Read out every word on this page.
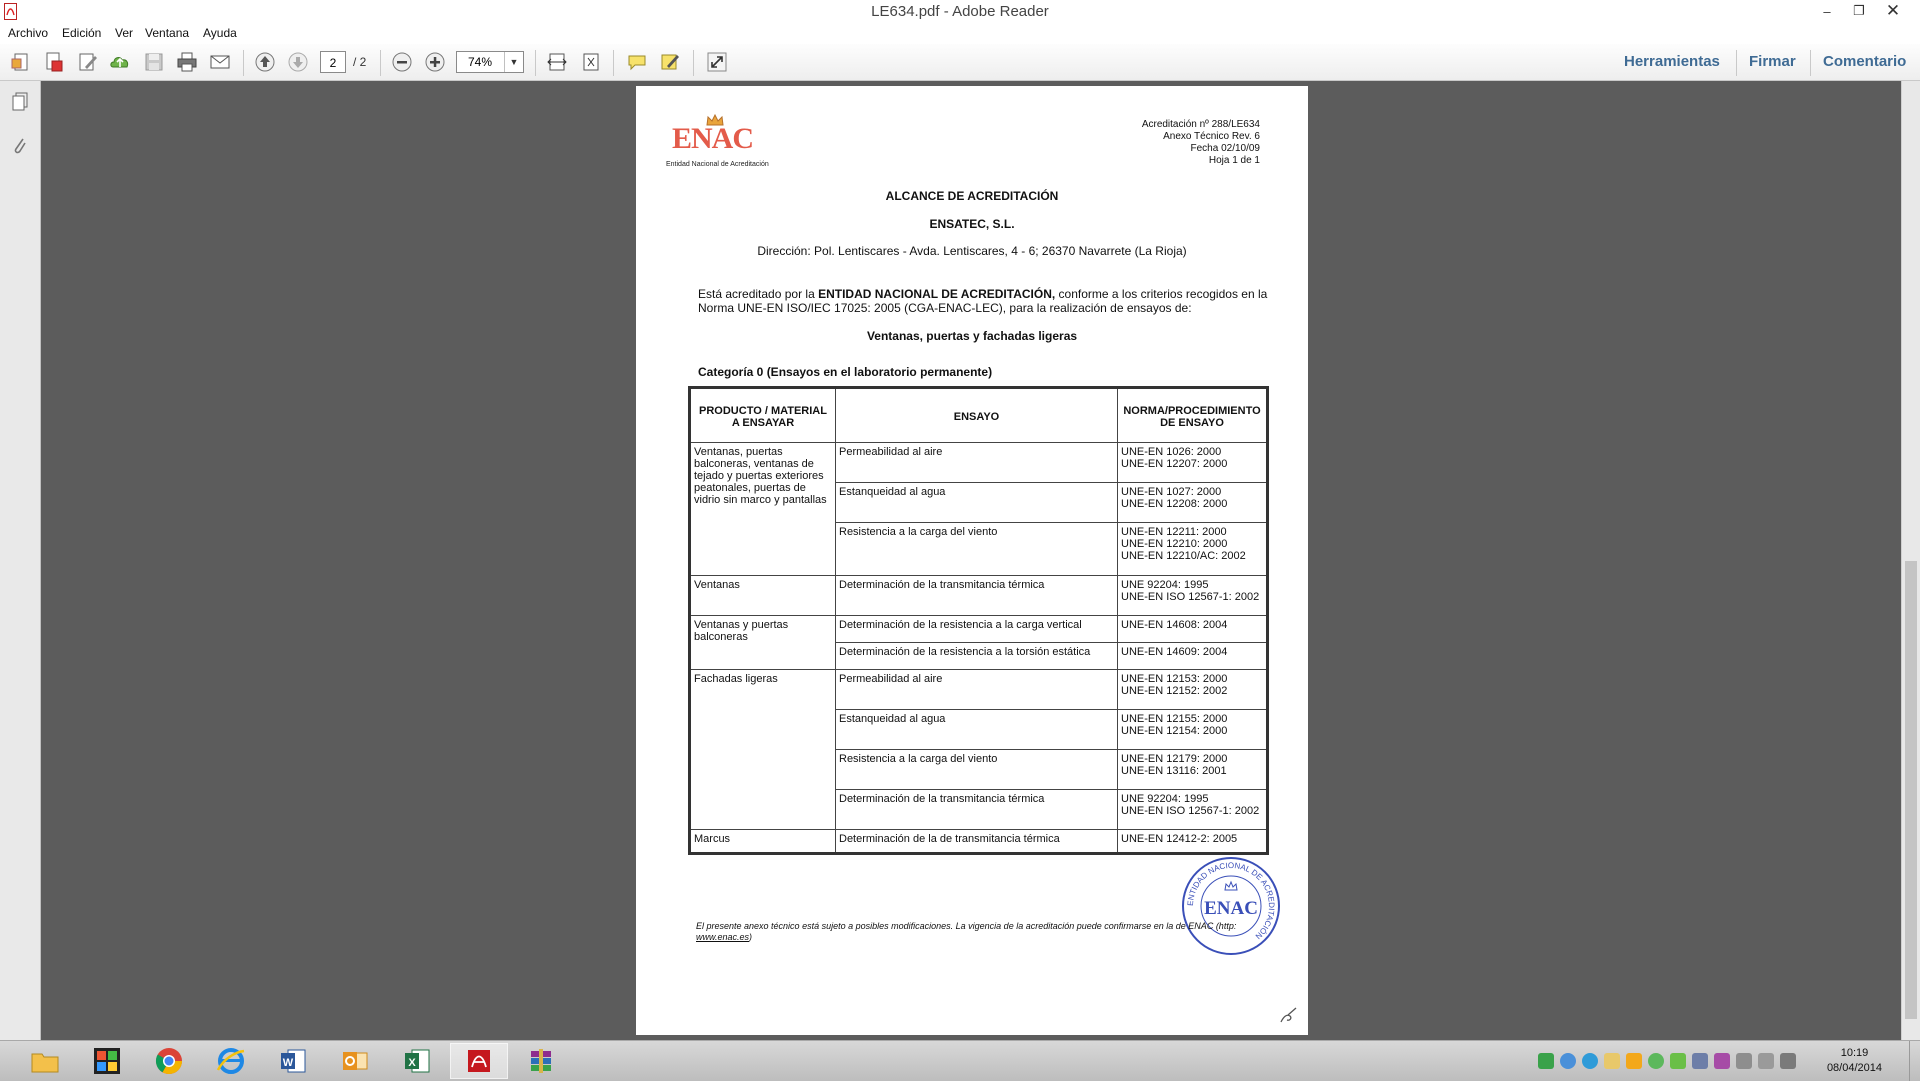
LE634.pdf - Adobe Reader	– ❐ ✕
Archivo Edición Ver Ventana Ayuda
2	/ 2	74%	▼	Herramientas Firmar Comentario
ENAC
Entidad Nacional de Acreditación
Acreditación nº 288/LE634
Anexo Técnico Rev. 6
Fecha 02/10/09
Hoja 1 de 1
ALCANCE DE ACREDITACIÓN
ENSATEC, S.L.
Dirección: Pol. Lentiscares - Avda. Lentiscares, 4 - 6; 26370 Navarrete (La Rioja)
Está acreditado por la ENTIDAD NACIONAL DE ACREDITACIÓN, conforme a los criterios recogidos en la Norma UNE-EN ISO/IEC 17025: 2005 (CGA-ENAC-LEC), para la realización de ensayos de:
Ventanas, puertas y fachadas ligeras
Categoría 0 (Ensayos en el laboratorio permanente)
PRODUCTO / MATERIAL A ENSAYAR	ENSAYO	NORMA/PROCEDIMIENTO DE ENSAYO
Ventanas, puertas balconeras, ventanas de tejado y puertas exteriores peatonales, puertas de vidrio sin marco y pantallas	Permeabilidad al aire	UNE-EN 1026: 2000
UNE-EN 12207: 2000

	Estanqueidad al agua	UNE-EN 1027: 2000
UNE-EN 12208: 2000

	Resistencia a la carga del viento	UNE-EN 12211: 2000
UNE-EN 12210: 2000
UNE-EN 12210/AC: 2002

Ventanas	Determinación de la transmitancia térmica	UNE 92204: 1995
UNE-EN ISO 12567-1: 2002

Ventanas y puertas balconeras	Determinación de la resistencia a la carga vertical	UNE-EN 14608: 2004

	Determinación de la resistencia a la torsión estática	UNE-EN 14609: 2004

Fachadas ligeras	Permeabilidad al aire	UNE-EN 12153: 2000
UNE-EN 12152: 2002

	Estanqueidad al agua	UNE-EN 12155: 2000
UNE-EN 12154: 2000

	Resistencia a la carga del viento	UNE-EN 12179: 2000
UNE-EN 13116: 2001

	Determinación de la transmitancia térmica	UNE 92204: 1995
UNE-EN ISO 12567-1: 2002

Marcus	Determinación de la de transmitancia térmica	UNE-EN 12412-2: 2005
ENTIDAD NACIONAL DE ACREDITACIÓN
ENAC
El presente anexo técnico está sujeto a posibles modificaciones. La vigencia de la acreditación puede confirmarse en la de ENAC (http:
www.enac.es)
W	X
10:19
08/04/2014
